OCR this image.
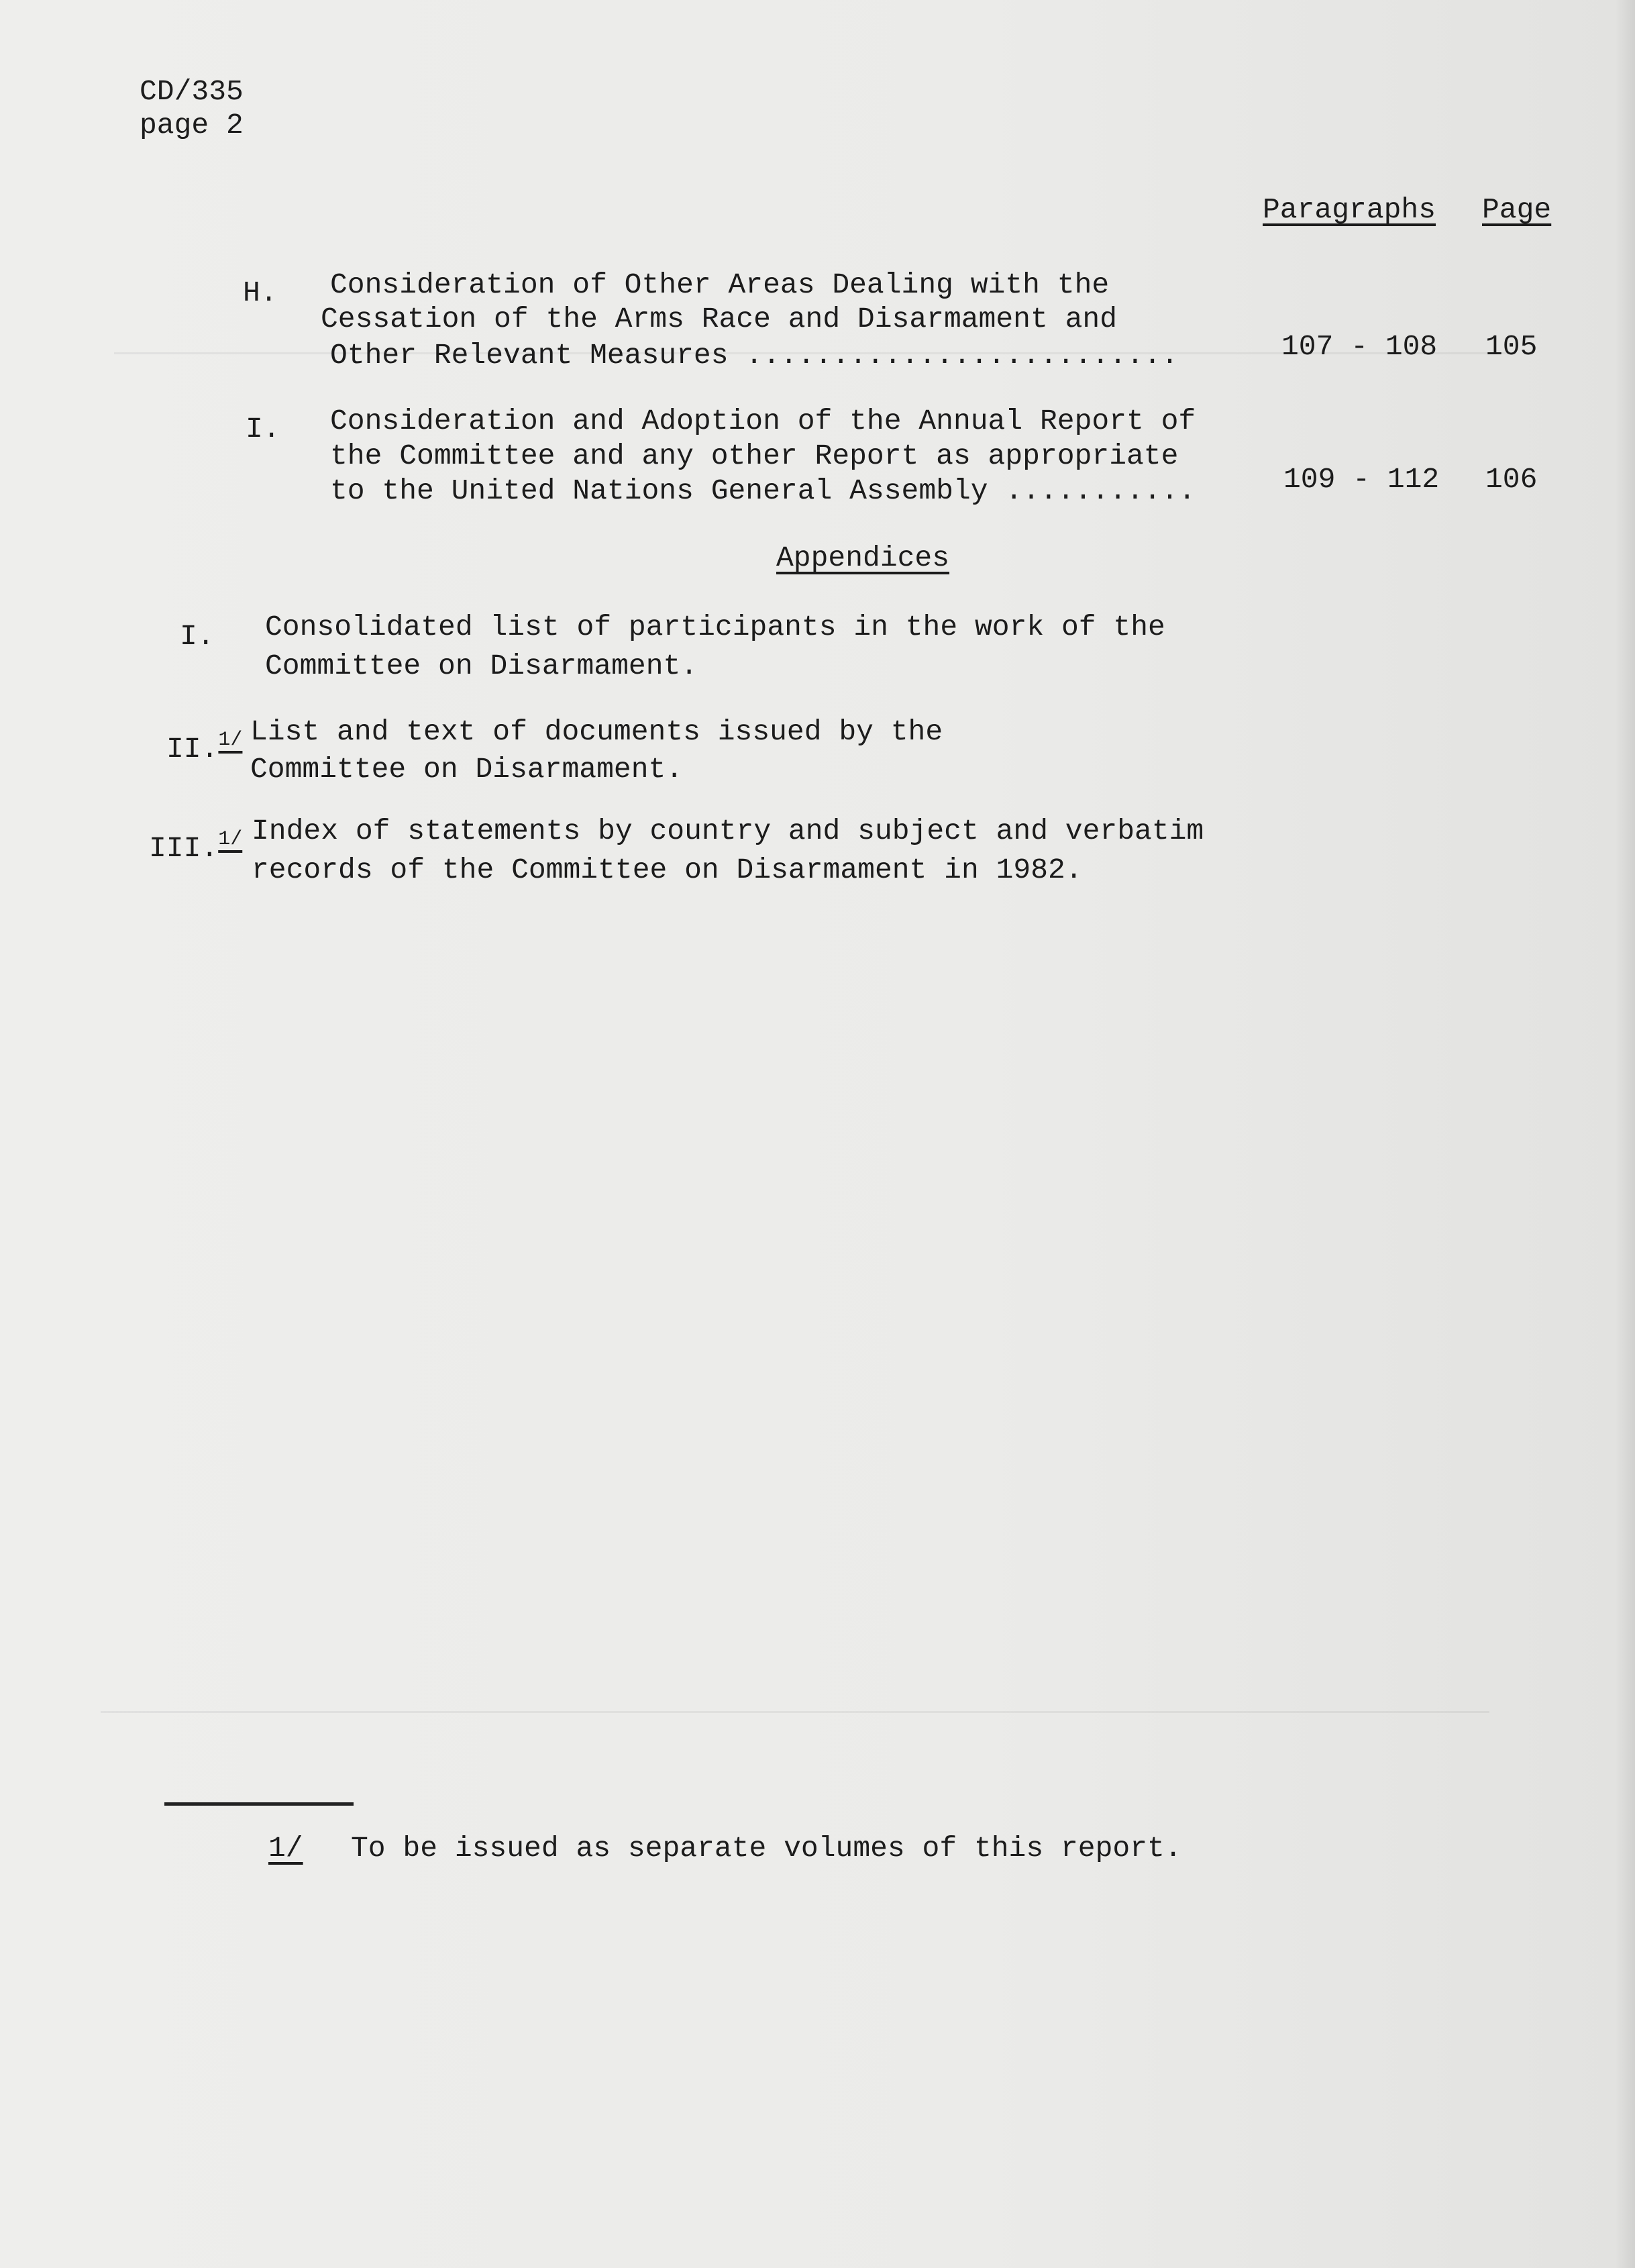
CD/335
page 2
Paragraphs Page
H. Consideration of Other Areas Dealing with the
Cessation of the Arms Race and Disarmament and
Other Relevant Measures .........................	107 - 108 105
I. Consideration and Adoption of the Annual Report of
the Committee and any other Report as appropriate
to the United Nations General Assembly ...........	109 - 112 106
Appendices
I. Consolidated list of participants in the work of the
Committee on Disarmament.
II.$^{1/}$ List and text of documents issued by the
Committee on Disarmament.
III.$^{1/}$ Index of statements by country and subject and verbatim
records of the Committee on Disarmament in 1982.
1/ To be issued as separate volumes of this report.
